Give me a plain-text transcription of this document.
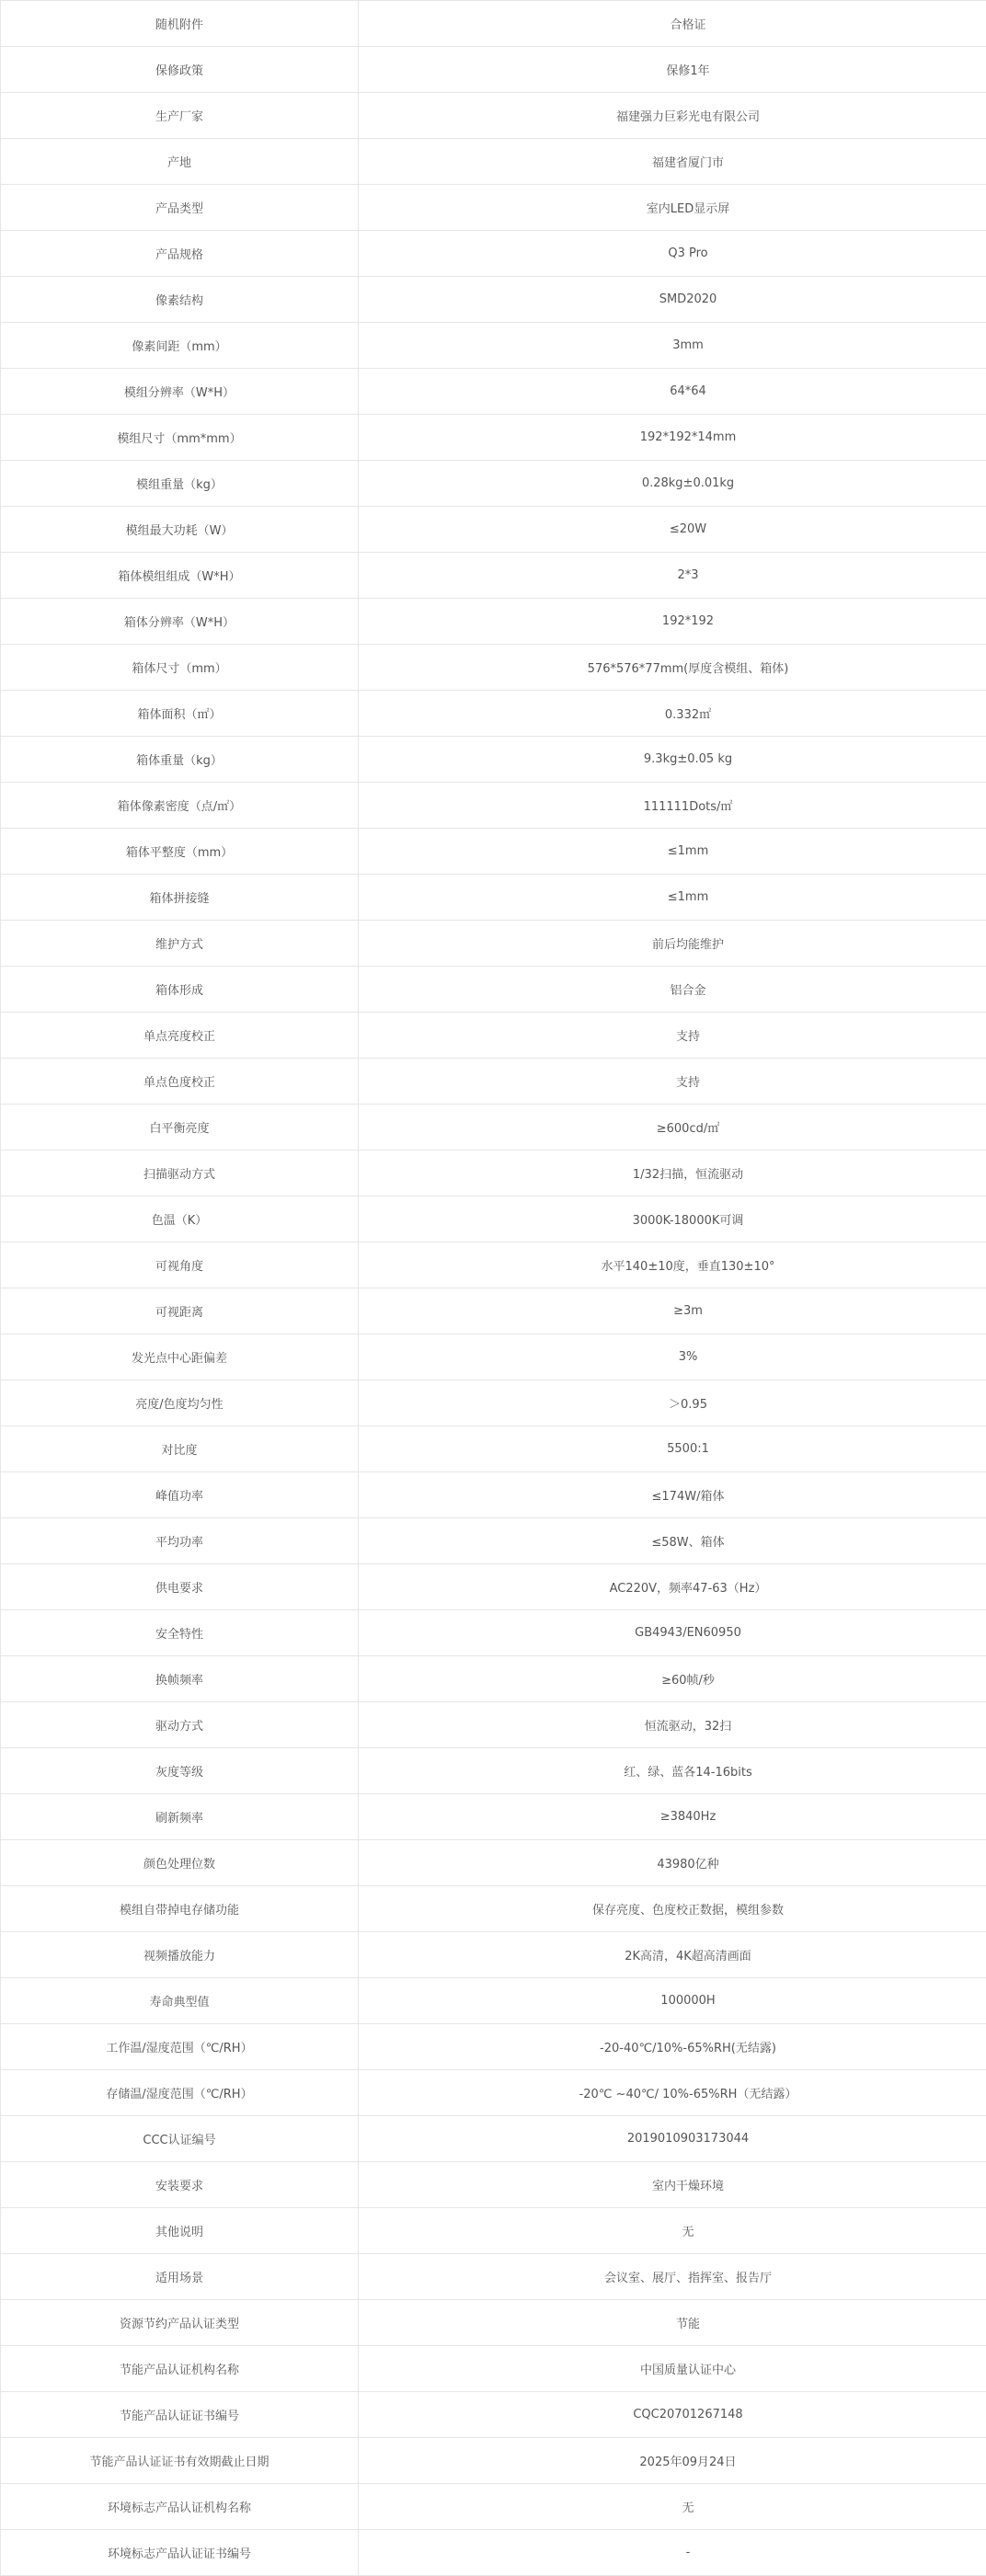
随机附件	合格证
保修政策	保修1年
生产厂家	福建强力巨彩光电有限公司
产地	福建省厦门市
产品类型	室内LED显示屏
产品规格	Q3 Pro
像素结构	SMD2020
像素间距（mm）	3mm
模组分辨率（W*H）	64*64
模组尺寸（mm*mm）	192*192*14mm
模组重量（kg）	0.28kg±0.01kg
模组最大功耗（W）	≤20W
箱体模组组成（W*H）	2*3
箱体分辨率（W*H）	192*192
箱体尺寸（mm）	576*576*77mm(厚度含模组、箱体)
箱体面积（㎡）	0.332㎡
箱体重量（kg）	9.3kg±0.05 kg
箱体像素密度（点/㎡）	111111Dots/㎡
箱体平整度（mm）	≤1mm
箱体拼接缝	≤1mm
维护方式	前后均能维护
箱体形成	铝合金
单点亮度校正	支持
单点色度校正	支持
白平衡亮度	≥600cd/㎡
扫描驱动方式	1/32扫描，恒流驱动
色温（K）	3000K-18000K可调
可视角度	水平140±10度，垂直130±10°
可视距离	≥3m
发光点中心距偏差	3%
亮度/色度均匀性	＞0.95
对比度	5500:1
峰值功率	≤174W/箱体
平均功率	≤58W、箱体
供电要求	AC220V，频率47-63（Hz）
安全特性	GB4943/EN60950
换帧频率	≥60帧/秒
驱动方式	恒流驱动，32扫
灰度等级	红、绿、蓝各14-16bits
刷新频率	≥3840Hz
颜色处理位数	43980亿种
模组自带掉电存储功能	保存亮度、色度校正数据，模组参数
视频播放能力	2K高清，4K超高清画面
寿命典型值	100000H
工作温/湿度范围（℃/RH）	-20-40℃/10%-65%RH(无结露)
存储温/湿度范围（℃/RH）	-20℃ ~40℃/ 10%-65%RH（无结露）
CCC认证编号	2019010903173044
安装要求	室内干燥环境
其他说明	无
适用场景	会议室、展厅、指挥室、报告厅
资源节约产品认证类型	节能
节能产品认证机构名称	中国质量认证中心
节能产品认证证书编号	CQC20701267148
节能产品认证证书有效期截止日期	2025年09月24日
环境标志产品认证机构名称	无
环境标志产品认证证书编号	-
